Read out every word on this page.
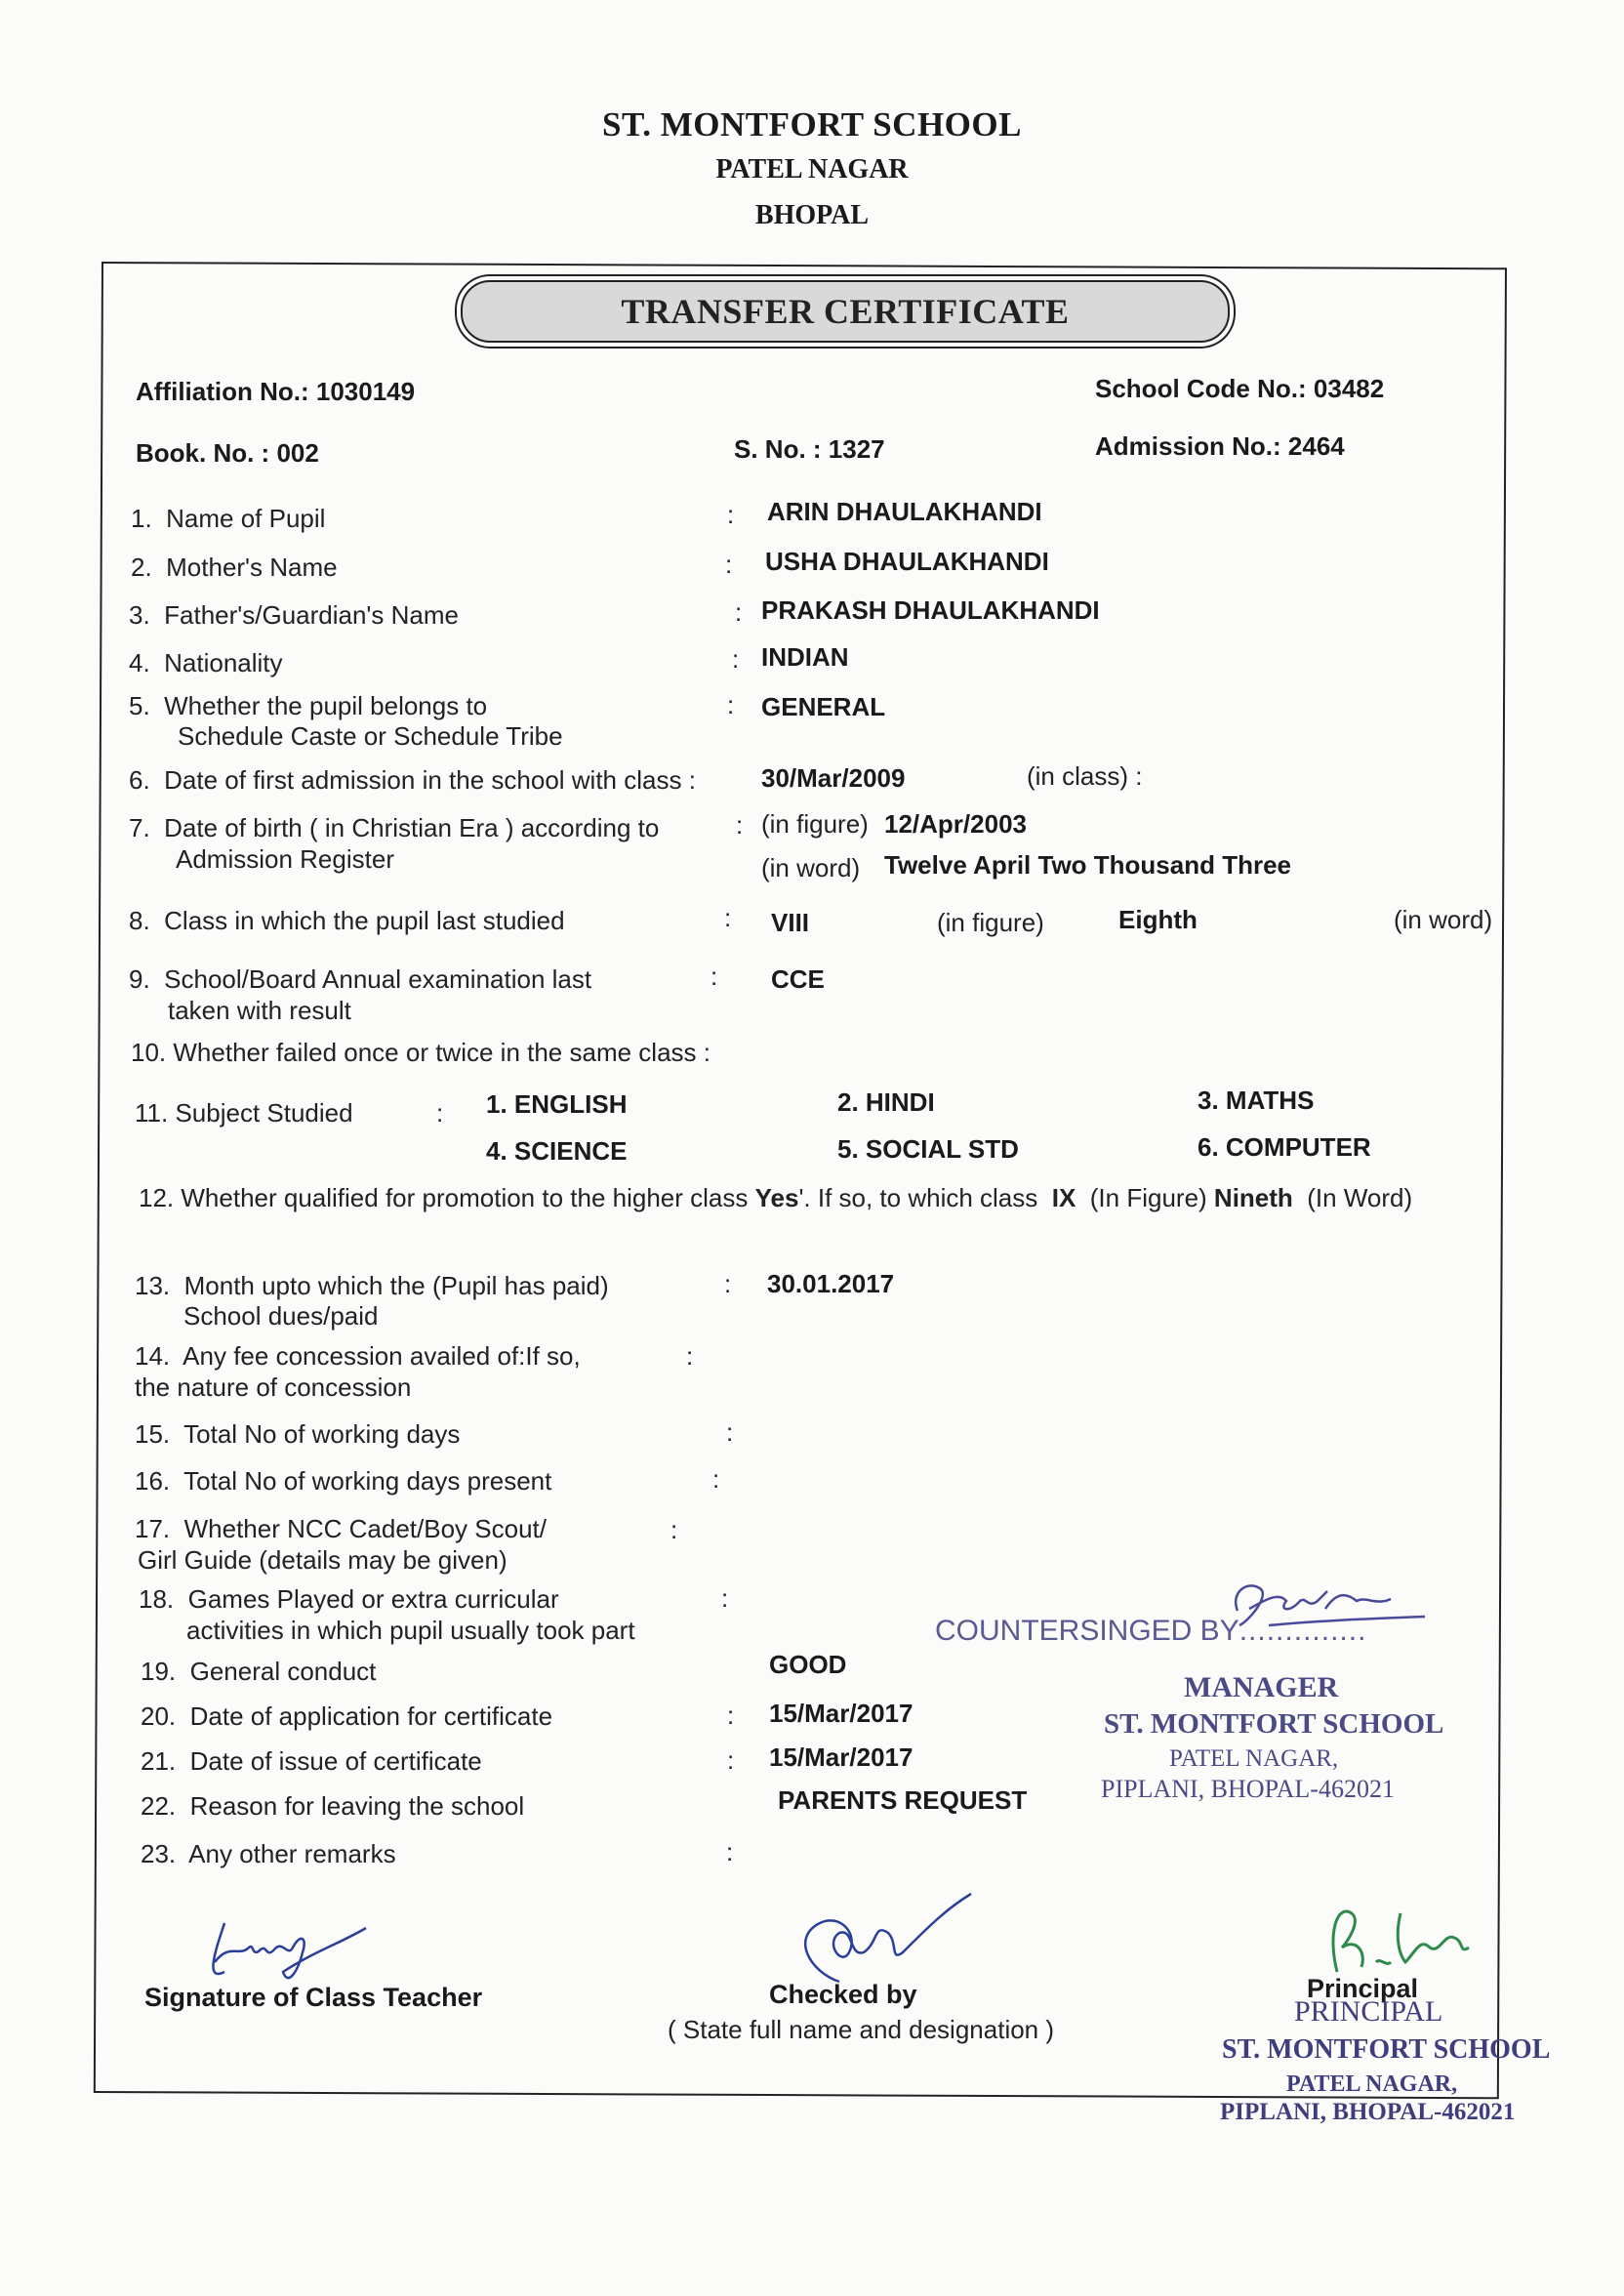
ST. MONTFORT SCHOOL
PATEL NAGAR
BHOPAL
TRANSFER CERTIFICATE
Affiliation No.: 1030149	School Code No.: 03482
Book. No. : 002	S. No. : 1327	Admission No.: 2464
1. Name of Pupil	: ARIN DHAULAKHANDI
2. Mother's Name	: USHA DHAULAKHANDI
3. Father's/Guardian's Name	: PRAKASH DHAULAKHANDI
4. Nationality	: INDIAN
5. Whether the pupil belongs to
Schedule Caste or Schedule Tribe
: GENERAL
6. Date of first admission in the school with class :	30/Mar/2009	(in class) :
7. Date of birth ( in Christian Era ) according to
Admission Register
: (in figure) 12/Apr/2003
(in word) Twelve April Two Thousand Three
8. Class in which the pupil last studied	: VIII	(in figure)	Eighth	(in word)
9. School/Board Annual examination last
taken with result
: CCE
10. Whether failed once or twice in the same class :
11. Subject Studied	: 1. ENGLISH	2. HINDI	3. MATHS
4. SCIENCE	5. SOCIAL STD	6. COMPUTER
12. Whether qualified for promotion to the higher class Yes'. If so, to which class IX (In Figure) Nineth (In Word)
13. Month upto which the (Pupil has paid)
School dues/paid
: 30.01.2017
14. Any fee concession availed of:If so,
the nature of concession
:
15. Total No of working days	:
16. Total No of working days present	:
17. Whether NCC Cadet/Boy Scout/
Girl Guide (details may be given)
:
18. Games Played or extra curricular
activities in which pupil usually took part
:
19. General conduct	GOOD
20. Date of application for certificate	: 15/Mar/2017
21. Date of issue of certificate	: 15/Mar/2017
22. Reason for leaving the school	PARENTS REQUEST
23. Any other remarks	:
COUNTERSINGED BY..............
MANAGER
ST. MONTFORT SCHOOL
PATEL NAGAR,
PIPLANI, BHOPAL-462021
Signature of Class Teacher	Checked by
( State full name and designation )
Principal
PRINCIPAL
ST. MONTFORT SCHOOL
PATEL NAGAR,
PIPLANI, BHOPAL-462021
